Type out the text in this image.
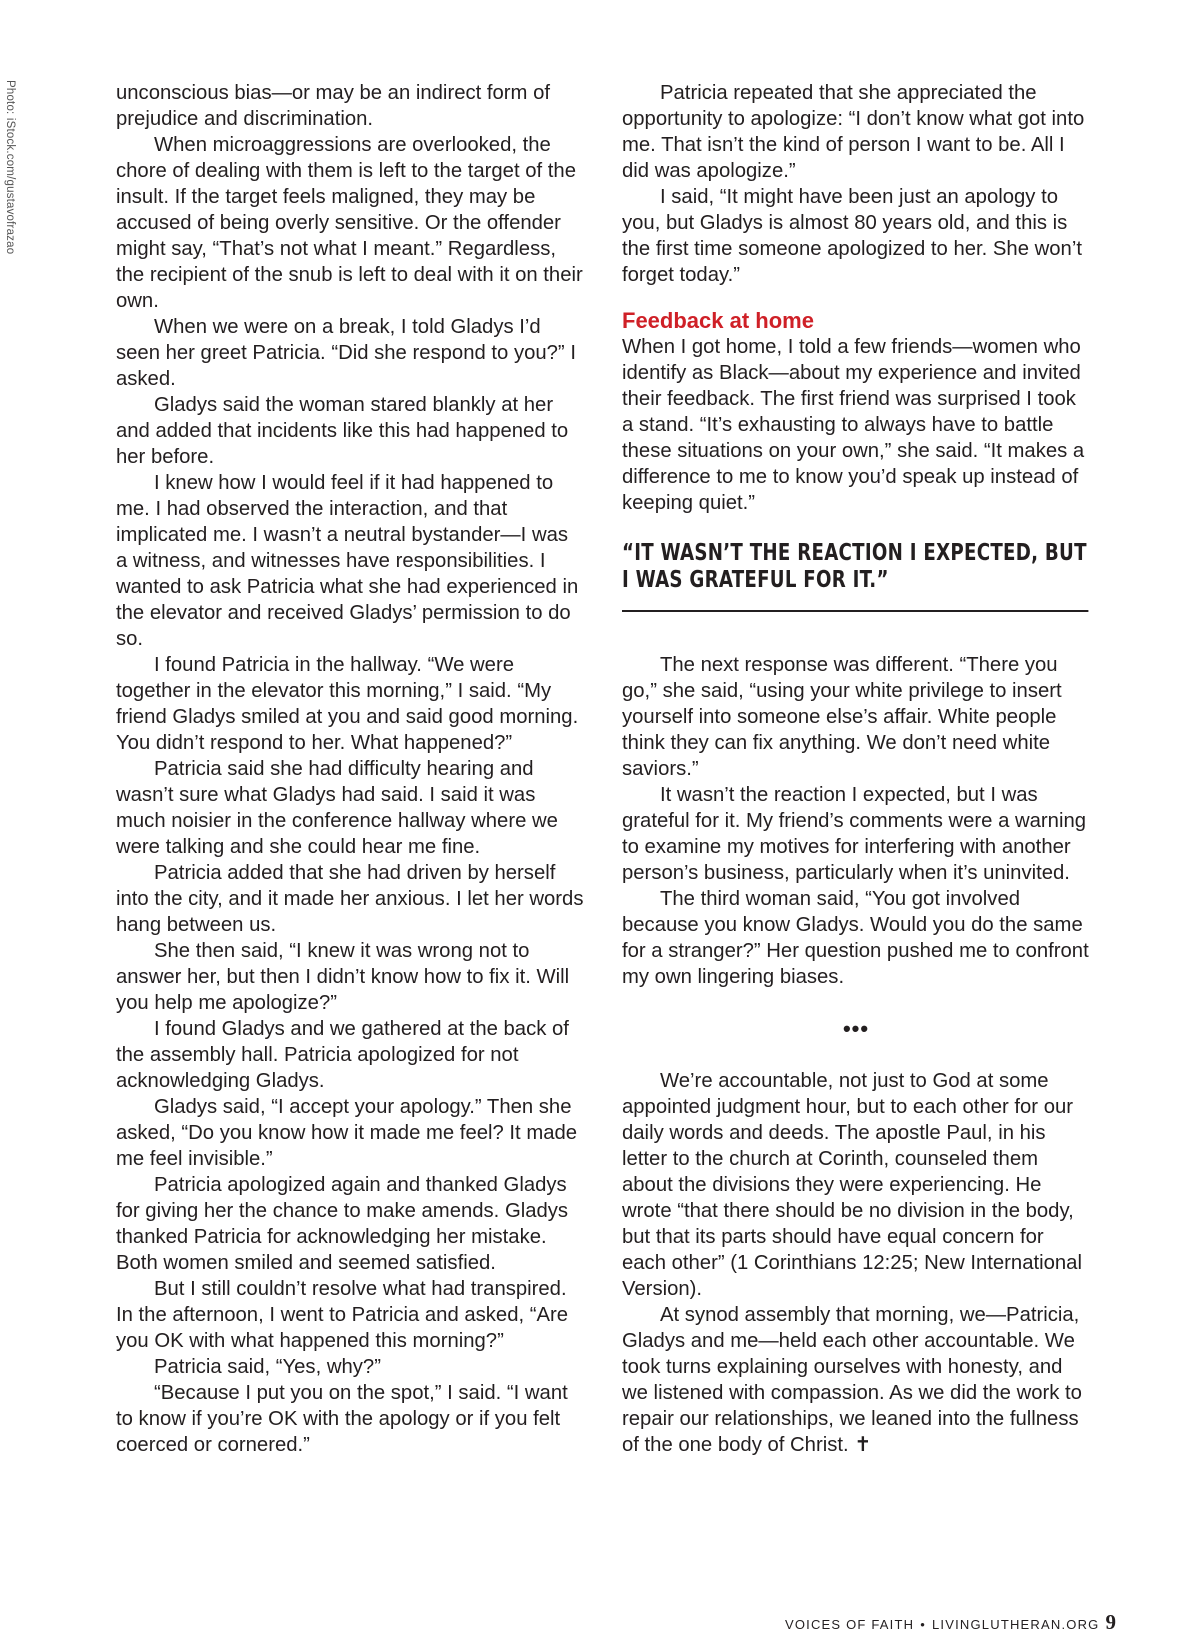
Photo: iStock.com/gustavofrazao	unconscious bias—or may be an indirect form of prejudice and discrimination.

When microaggressions are overlooked, the chore of dealing with them is left to the target of the insult. If the target feels maligned, they may be accused of being overly sensitive. Or the offender might say, “That’s not what I meant.” Regardless, the recipient of the snub is left to deal with it on their own.

When we were on a break, I told Gladys I’d seen her greet Patricia. “Did she respond to you?” I asked.

Gladys said the woman stared blankly at her and added that incidents like this had happened to her before.

I knew how I would feel if it had happened to me. I had observed the interaction, and that implicated me. I wasn’t a neutral bystander—I was a witness, and witnesses have responsibilities. I wanted to ask Patricia what she had experienced in the elevator and received Gladys’ permission to do so.

I found Patricia in the hallway. “We were together in the elevator this morning,” I said. “My friend Gladys smiled at you and said good morning. You didn’t respond to her. What happened?”

Patricia said she had difficulty hearing and wasn’t sure what Gladys had said. I said it was much noisier in the conference hallway where we were talking and she could hear me fine.

Patricia added that she had driven by herself into the city, and it made her anxious. I let her words hang between us.

She then said, “I knew it was wrong not to answer her, but then I didn’t know how to fix it. Will you help me apologize?”

I found Gladys and we gathered at the back of the assembly hall. Patricia apologized for not acknowledging Gladys.

Gladys said, “I accept your apology.” Then she asked, “Do you know how it made me feel? It made me feel invisible.”

Patricia apologized again and thanked Gladys for giving her the chance to make amends. Gladys thanked Patricia for acknowledging her mistake. Both women smiled and seemed satisfied.

But I still couldn’t resolve what had transpired. In the afternoon, I went to Patricia and asked, “Are you OK with what happened this morning?”

Patricia said, “Yes, why?”

“Because I put you on the spot,” I said. “I want to know if you’re OK with the apology or if you felt coerced or cornered.”

Patricia repeated that she appreciated the opportunity to apologize: “I don’t know what got into me. That isn’t the kind of person I want to be. All I did was apologize.”

I said, “It might have been just an apology to you, but Gladys is almost 80 years old, and this is the first time someone apologized to her. She won’t forget today.”

Feedback at home

When I got home, I told a few friends—women who identify as Black—about my experience and invited their feedback. The first friend was surprised I took a stand. “It’s exhausting to always have to battle these situations on your own,” she said. “It makes a difference to me to know you’d speak up instead of keeping quiet.”

“IT WASN’T THE REACTION I EXPECTED, BUT I WAS GRATEFUL FOR IT.”

The next response was different. “There you go,” she said, “using your white privilege to insert yourself into someone else’s affair. White people think they can fix anything. We don’t need white saviors.”

It wasn’t the reaction I expected, but I was grateful for it. My friend’s comments were a warning to examine my motives for interfering with another person’s business, particularly when it’s uninvited.

The third woman said, “You got involved because you know Gladys. Would you do the same for a stranger?” Her question pushed me to confront my own lingering biases.

•••

We’re accountable, not just to God at some appointed judgment hour, but to each other for our daily words and deeds. The apostle Paul, in his letter to the church at Corinth, counseled them about the divisions they were experiencing. He wrote “that there should be no division in the body, but that its parts should have equal concern for each other” (1 Corinthians 12:25; New International Version).

At synod assembly that morning, we—Patricia, Gladys and me—held each other accountable. We took turns explaining ourselves with honesty, and we listened with compassion. As we did the work to repair our relationships, we leaned into the fullness of the one body of Christ. ✝

VOICES OF FAITH • LIVINGLUTHERAN.ORG 9
